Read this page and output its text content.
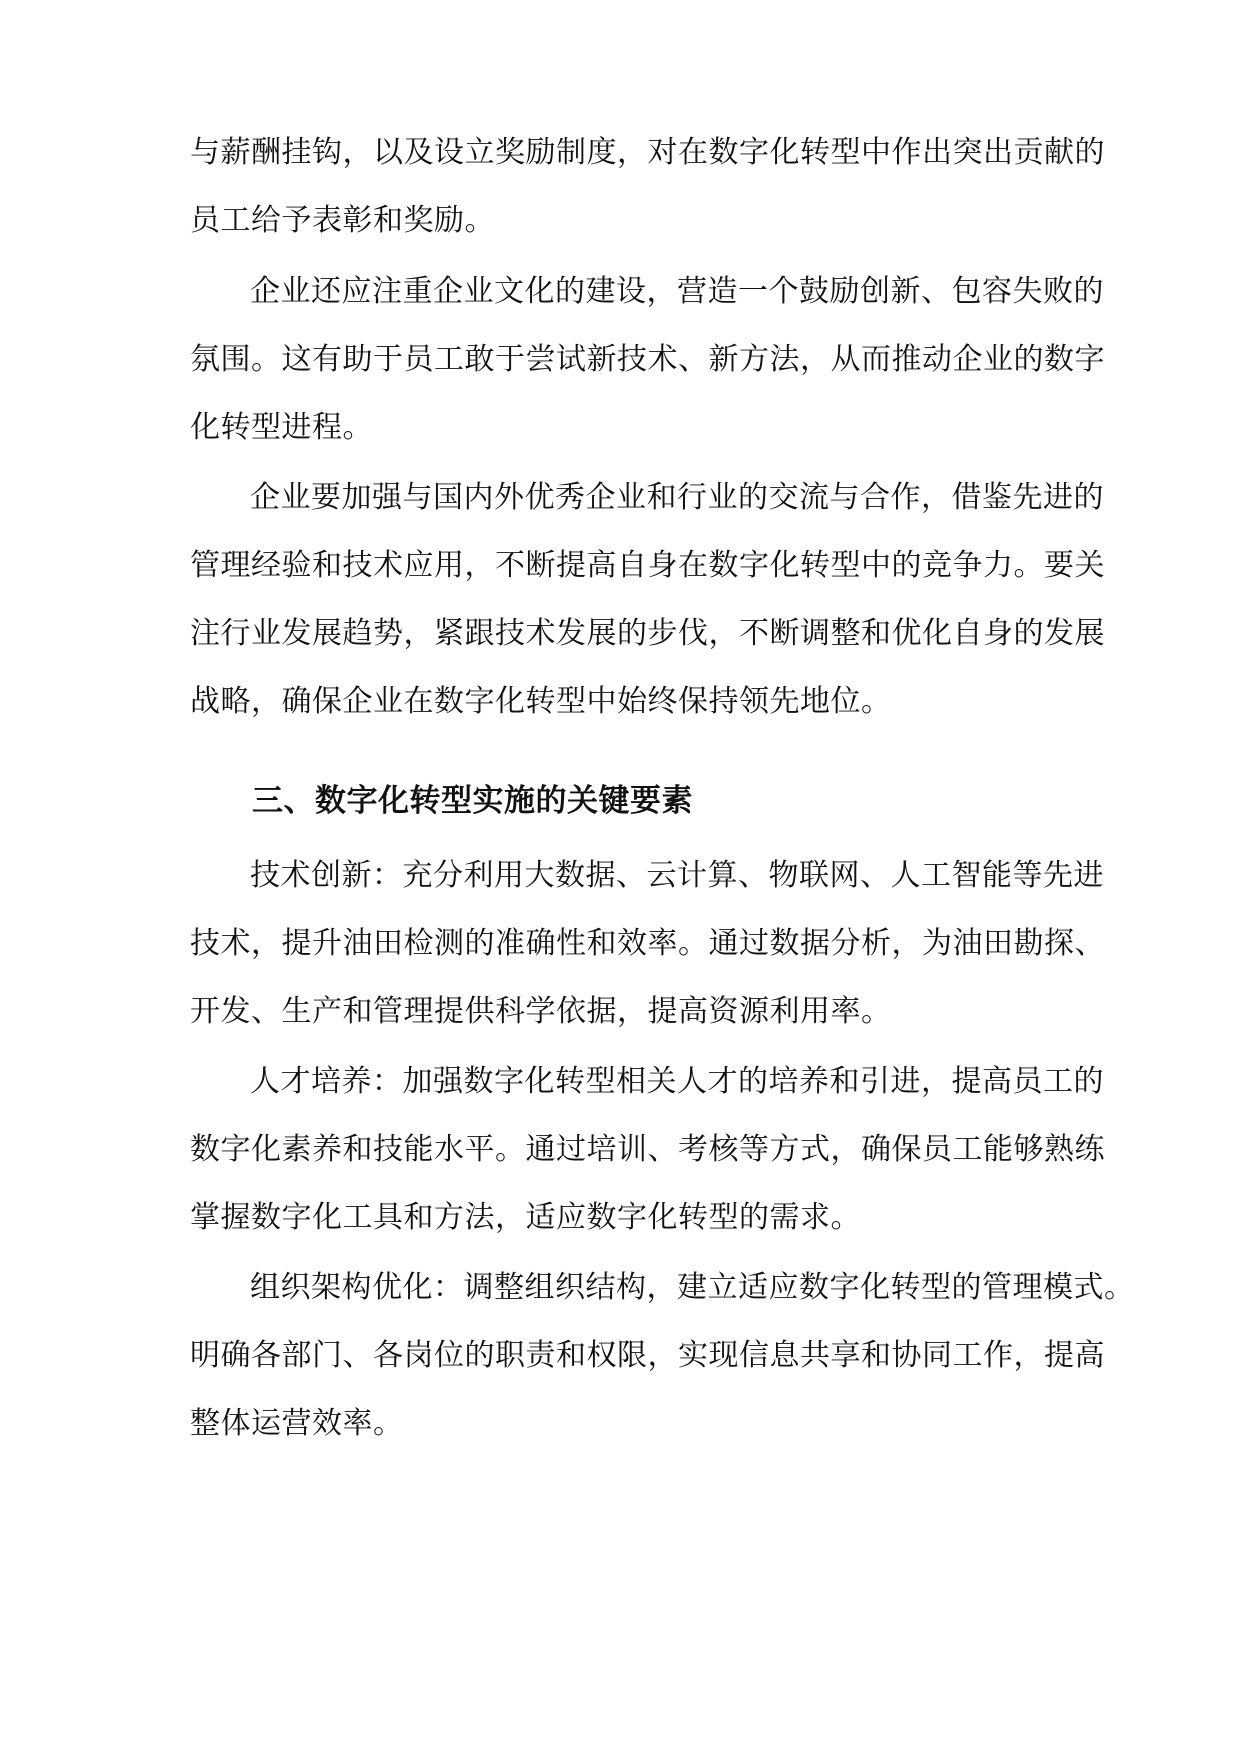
与薪酬挂钩，以及设立奖励制度，对在数字化转型中作出突出贡献的
员工给予表彰和奖励。
企业还应注重企业文化的建设，营造一个鼓励创新、包容失败的
氛围。这有助于员工敢于尝试新技术、新方法，从而推动企业的数字
化转型进程。
企业要加强与国内外优秀企业和行业的交流与合作，借鉴先进的
管理经验和技术应用，不断提高自身在数字化转型中的竞争力。要关
注行业发展趋势，紧跟技术发展的步伐，不断调整和优化自身的发展
战略，确保企业在数字化转型中始终保持领先地位。
三、数字化转型实施的关键要素
技术创新：充分利用大数据、云计算、物联网、人工智能等先进
技术，提升油田检测的准确性和效率。通过数据分析，为油田勘探、
开发、生产和管理提供科学依据，提高资源利用率。
人才培养：加强数字化转型相关人才的培养和引进，提高员工的
数字化素养和技能水平。通过培训、考核等方式，确保员工能够熟练
掌握数字化工具和方法，适应数字化转型的需求。
组织架构优化：调整组织结构，建立适应数字化转型的管理模式。
明确各部门、各岗位的职责和权限，实现信息共享和协同工作，提高
整体运营效率。
